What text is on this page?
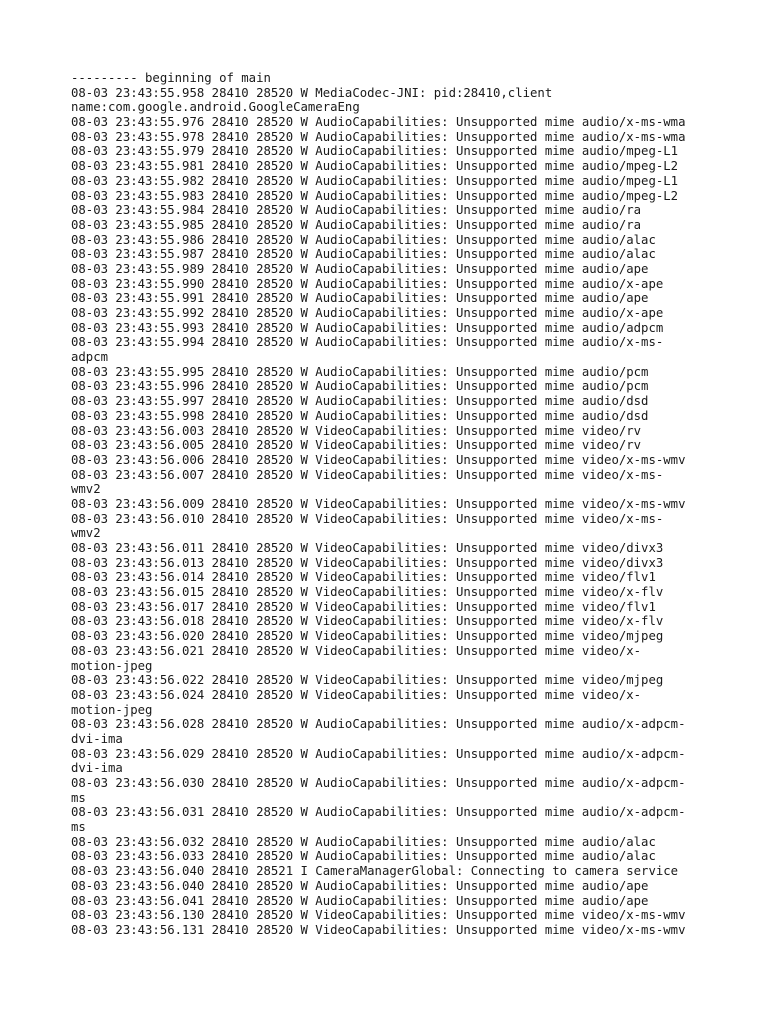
--------- beginning of main
08-03 23:43:55.958 28410 28520 W MediaCodec-JNI: pid:28410,client
name:com.google.android.GoogleCameraEng
08-03 23:43:55.976 28410 28520 W AudioCapabilities: Unsupported mime audio/x-ms-wma
08-03 23:43:55.978 28410 28520 W AudioCapabilities: Unsupported mime audio/x-ms-wma
08-03 23:43:55.979 28410 28520 W AudioCapabilities: Unsupported mime audio/mpeg-L1
08-03 23:43:55.981 28410 28520 W AudioCapabilities: Unsupported mime audio/mpeg-L2
08-03 23:43:55.982 28410 28520 W AudioCapabilities: Unsupported mime audio/mpeg-L1
08-03 23:43:55.983 28410 28520 W AudioCapabilities: Unsupported mime audio/mpeg-L2
08-03 23:43:55.984 28410 28520 W AudioCapabilities: Unsupported mime audio/ra
08-03 23:43:55.985 28410 28520 W AudioCapabilities: Unsupported mime audio/ra
08-03 23:43:55.986 28410 28520 W AudioCapabilities: Unsupported mime audio/alac
08-03 23:43:55.987 28410 28520 W AudioCapabilities: Unsupported mime audio/alac
08-03 23:43:55.989 28410 28520 W AudioCapabilities: Unsupported mime audio/ape
08-03 23:43:55.990 28410 28520 W AudioCapabilities: Unsupported mime audio/x-ape
08-03 23:43:55.991 28410 28520 W AudioCapabilities: Unsupported mime audio/ape
08-03 23:43:55.992 28410 28520 W AudioCapabilities: Unsupported mime audio/x-ape
08-03 23:43:55.993 28410 28520 W AudioCapabilities: Unsupported mime audio/adpcm
08-03 23:43:55.994 28410 28520 W AudioCapabilities: Unsupported mime audio/x-ms-
adpcm
08-03 23:43:55.995 28410 28520 W AudioCapabilities: Unsupported mime audio/pcm
08-03 23:43:55.996 28410 28520 W AudioCapabilities: Unsupported mime audio/pcm
08-03 23:43:55.997 28410 28520 W AudioCapabilities: Unsupported mime audio/dsd
08-03 23:43:55.998 28410 28520 W AudioCapabilities: Unsupported mime audio/dsd
08-03 23:43:56.003 28410 28520 W VideoCapabilities: Unsupported mime video/rv
08-03 23:43:56.005 28410 28520 W VideoCapabilities: Unsupported mime video/rv
08-03 23:43:56.006 28410 28520 W VideoCapabilities: Unsupported mime video/x-ms-wmv
08-03 23:43:56.007 28410 28520 W VideoCapabilities: Unsupported mime video/x-ms-
wmv2
08-03 23:43:56.009 28410 28520 W VideoCapabilities: Unsupported mime video/x-ms-wmv
08-03 23:43:56.010 28410 28520 W VideoCapabilities: Unsupported mime video/x-ms-
wmv2
08-03 23:43:56.011 28410 28520 W VideoCapabilities: Unsupported mime video/divx3
08-03 23:43:56.013 28410 28520 W VideoCapabilities: Unsupported mime video/divx3
08-03 23:43:56.014 28410 28520 W VideoCapabilities: Unsupported mime video/flv1
08-03 23:43:56.015 28410 28520 W VideoCapabilities: Unsupported mime video/x-flv
08-03 23:43:56.017 28410 28520 W VideoCapabilities: Unsupported mime video/flv1
08-03 23:43:56.018 28410 28520 W VideoCapabilities: Unsupported mime video/x-flv
08-03 23:43:56.020 28410 28520 W VideoCapabilities: Unsupported mime video/mjpeg
08-03 23:43:56.021 28410 28520 W VideoCapabilities: Unsupported mime video/x-
motion-jpeg
08-03 23:43:56.022 28410 28520 W VideoCapabilities: Unsupported mime video/mjpeg
08-03 23:43:56.024 28410 28520 W VideoCapabilities: Unsupported mime video/x-
motion-jpeg
08-03 23:43:56.028 28410 28520 W AudioCapabilities: Unsupported mime audio/x-adpcm-
dvi-ima
08-03 23:43:56.029 28410 28520 W AudioCapabilities: Unsupported mime audio/x-adpcm-
dvi-ima
08-03 23:43:56.030 28410 28520 W AudioCapabilities: Unsupported mime audio/x-adpcm-
ms
08-03 23:43:56.031 28410 28520 W AudioCapabilities: Unsupported mime audio/x-adpcm-
ms
08-03 23:43:56.032 28410 28520 W AudioCapabilities: Unsupported mime audio/alac
08-03 23:43:56.033 28410 28520 W AudioCapabilities: Unsupported mime audio/alac
08-03 23:43:56.040 28410 28521 I CameraManagerGlobal: Connecting to camera service
08-03 23:43:56.040 28410 28520 W AudioCapabilities: Unsupported mime audio/ape
08-03 23:43:56.041 28410 28520 W AudioCapabilities: Unsupported mime audio/ape
08-03 23:43:56.130 28410 28520 W VideoCapabilities: Unsupported mime video/x-ms-wmv
08-03 23:43:56.131 28410 28520 W VideoCapabilities: Unsupported mime video/x-ms-wmv
